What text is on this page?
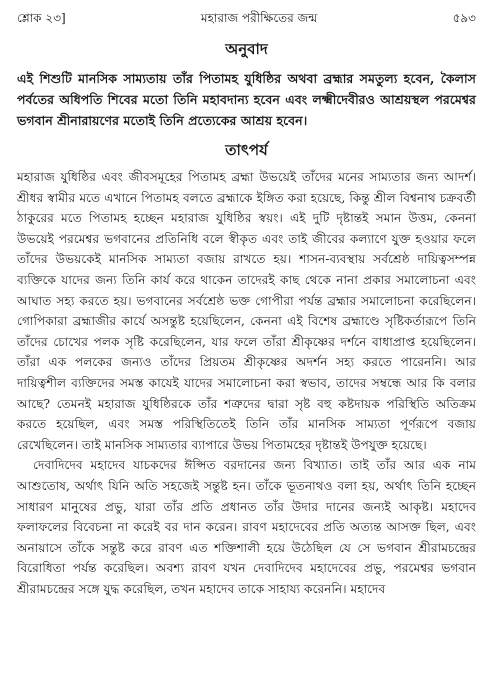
শ্লোক ২৩]	মহারাজ পরীক্ষিতের জন্ম	৫৯৩
অনুবাদ
এই শিশুটি মানসিক সাম্যতায় তাঁর পিতামহ যুধিষ্ঠির অথবা ব্রহ্মার সমতুল্য হবেন, কৈলাস পর্বতের অধিপতি শিবের মতো তিনি মহাবদান্য হবেন এবং লক্ষ্মীদেবীরও আশ্রয়স্থল পরমেশ্বর ভগবান শ্রীনারায়ণের মতোই তিনি প্রত্যেকের আশ্রয় হবেন।
তাৎপর্য

মহারাজ যুধিষ্ঠির এবং জীবসমূহের পিতামহ ব্রহ্মা উভয়েই তাঁদের মনের সাম্যতার জন্য আদর্শ। শ্রীধর স্বামীর মতে এখানে পিতামহ বলতে ব্রহ্মাকে ইঙ্গিত করা হয়েছে, কিন্তু শ্রীল বিশ্বনাথ চক্রবর্তী ঠাকুরের মতে পিতামহ হচ্ছেন মহারাজ যুধিষ্ঠির স্বয়ং। এই দুটি দৃষ্টান্তই সমান উত্তম, কেননা উভয়েই পরমেশ্বর ভগবানের প্রতিনিধি বলে স্বীকৃত এবং তাই জীবের কল্যাণে যুক্ত হওয়ার ফলে তাঁদের উভয়কেই মানসিক সাম্যতা বজায় রাখতে হয়। শাসন-ব্যবস্থায় সর্বশ্রেষ্ঠ দায়িত্বসম্পন্ন ব্যক্তিকে যাদের জন্য তিনি কার্য করে থাকেন তাদেরই কাছ থেকে নানা প্রকার সমালোচনা এবং আঘাত সহ্য করতে হয়। ভগবানের সর্বশ্রেষ্ঠ ভক্ত গোপীরা পর্যন্ত ব্রহ্মার সমালোচনা করেছিলেন। গোপিকারা ব্রহ্মাজীর কার্যে অসন্তুষ্ট হয়েছিলেন, কেননা এই বিশেষ ব্রহ্মাণ্ডে সৃষ্টিকর্তারূপে তিনি তাঁদের চোখের পলক সৃষ্টি করেছিলেন, যার ফলে তাঁরা শ্রীকৃষ্ণের দর্শনে বাধাপ্রাপ্ত হয়েছিলেন। তাঁরা এক পলকের জন্যও তাঁদের প্রিয়তম শ্রীকৃষ্ণের অদর্শন সহ্য করতে পারেননি। আর দায়িত্বশীল ব্যক্তিদের সমস্ত কাযেই যাদের সমালোচনা করা স্বভাব, তাদের সম্বন্ধে আর কি বলার আছে? তেমনই মহারাজ যুধিষ্ঠিরকে তাঁর শত্রুদের দ্বারা সৃষ্ট বহু কষ্টদায়ক পরিস্থিতি অতিক্রম করতে হয়েছিল, এবং সমস্ত পরিস্থিতিতেই তিনি তাঁর মানসিক সাম্যতা পূর্ণরূপে বজায় রেখেছিলেন। তাই মানসিক সাম্যতার ব্যাপারে উভয় পিতামহের দৃষ্টান্তই উপযুক্ত হয়েছে।

দেবাদিদেব মহাদেব যাচকদের ঈপ্সিত বরদানের জন্য বিখ্যাত। তাই তাঁর আর এক নাম আশুতোষ, অর্থাৎ যিনি অতি সহজেই সন্তুষ্ট হন। তাঁকে ভূতনাথও বলা হয়, অর্থাৎ তিনি হচ্ছেন সাধারণ মানুষের প্রভু, যারা তাঁর প্রতি প্রধানত তাঁর উদার দানের জন্যই আকৃষ্ট। মহাদেব ফলাফলের বিবেচনা না করেই বর দান করেন। রাবণ মহাদেবের প্রতি অত্যন্ত আসক্ত ছিল, এবং অনায়াসে তাঁকে সন্তুষ্ট করে রাবণ এত শক্তিশালী হয়ে উঠেছিল যে সে ভগবান শ্রীরামচন্দ্রের বিরোধিতা পর্যন্ত করেছিল। অবশ্য রাবণ যখন দেবাদিদেব মহাদেবের প্রভু, পরমেশ্বর ভগবান শ্রীরামচন্দ্রের সঙ্গে যুদ্ধ করেছিল, তখন মহাদেব তাকে সাহায্য করেননি। মহাদেব
